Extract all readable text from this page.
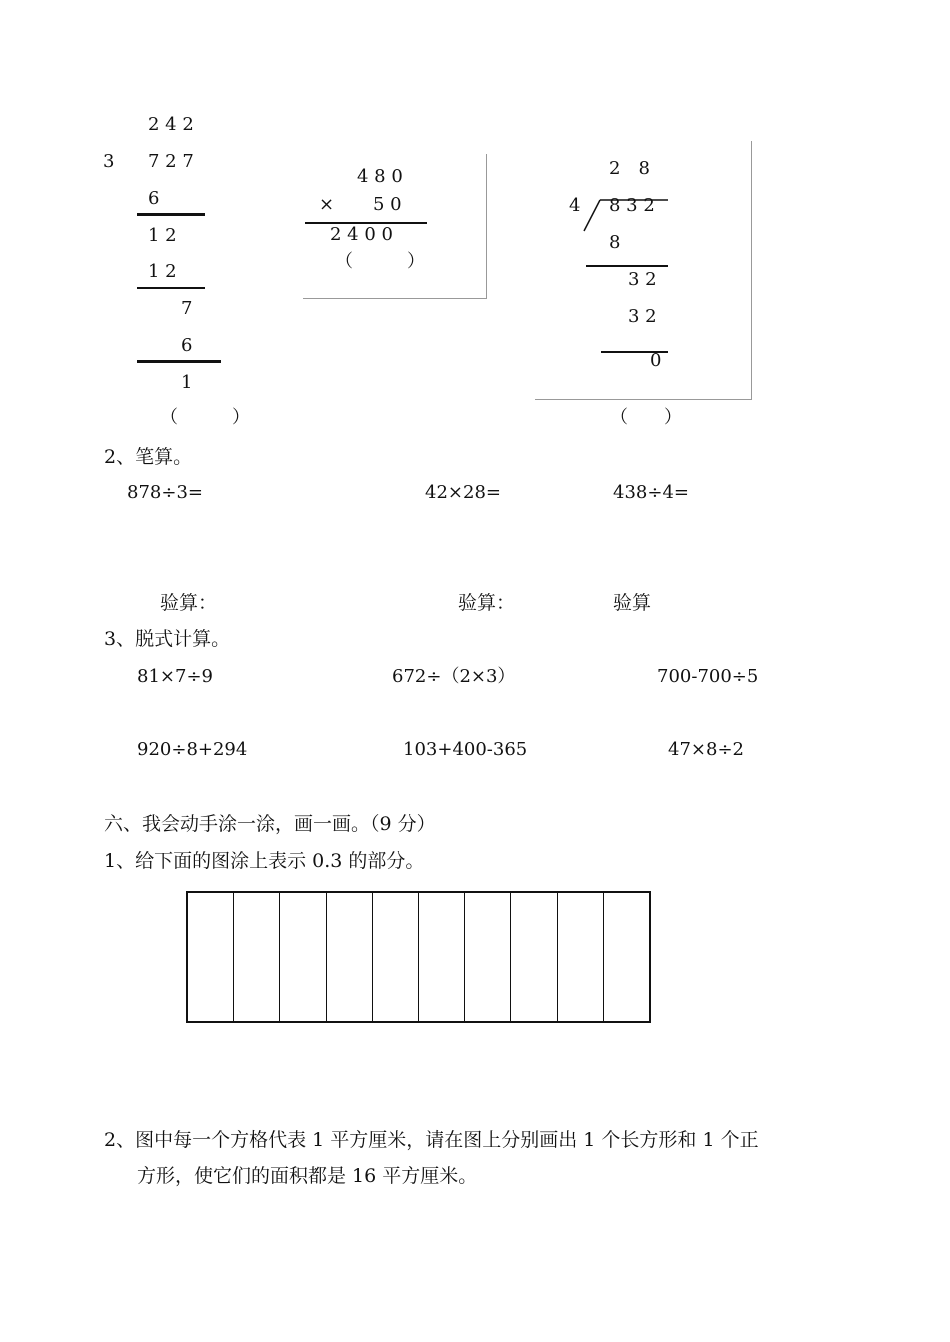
2 4 2
3 7 2 7
6
1 2
1 2
7
6
1
（　　　）
4 8 0
× 5 0
2 4 0 0
（　　　）
2　8
4 8 3 2
8
3 2
3 2
0
（　　）
2、笔算。
878÷3=	42×28=	438÷4=
验算：	验算：	验算
3、脱式计算。
81×7÷9	672÷（2×3）	700-700÷5
920÷8+294	103+400-365	47×8÷2
六、我会动手涂一涂，画一画。（9 分）
1、给下面的图涂上表示 0.3 的部分。
2、图中每一个方格代表 1 平方厘米，请在图上分别画出 1 个长方形和 1 个正
方形，使它们的面积都是 16 平方厘米。
